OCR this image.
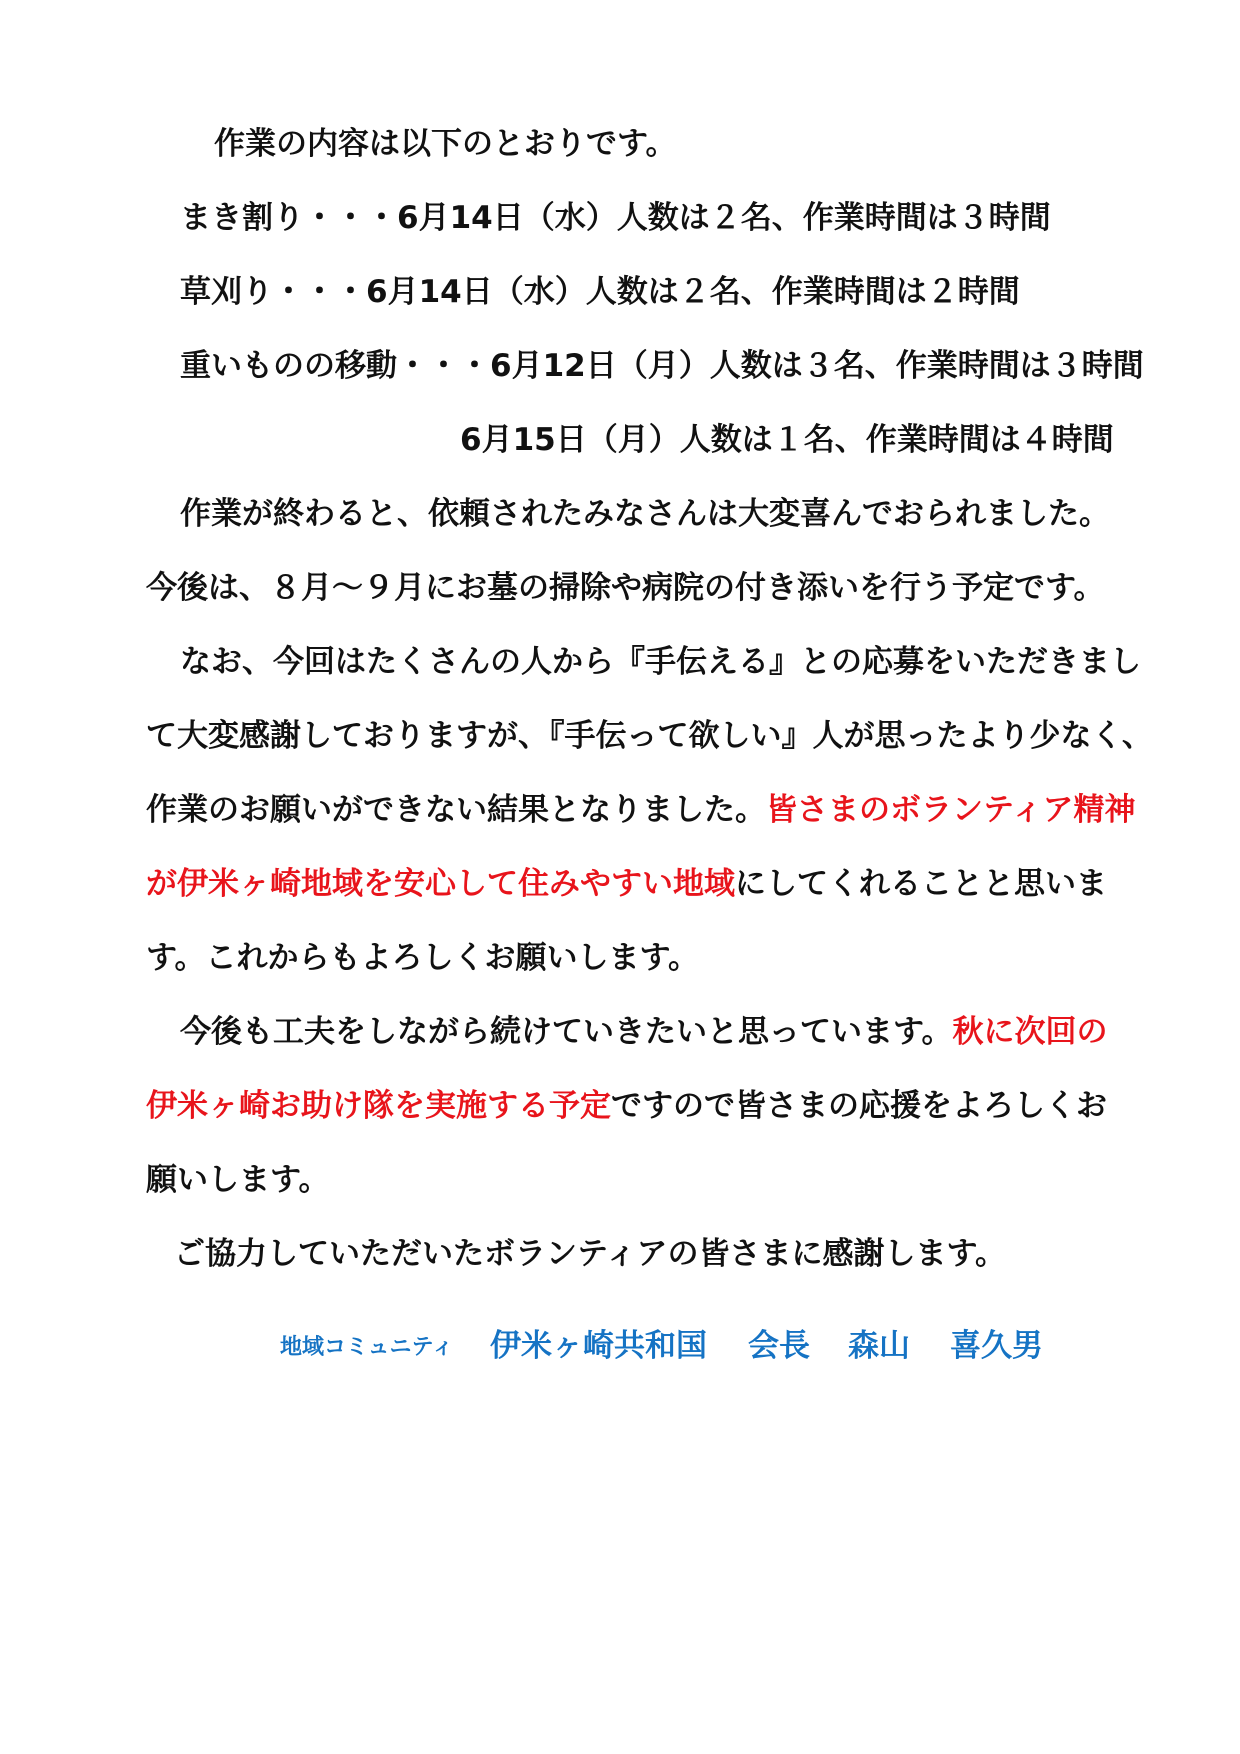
作業の内容は以下のとおりです。
まき割り・・・6月14日（水）人数は２名、作業時間は３時間
草刈り・・・6月14日（水）人数は２名、作業時間は２時間
重いものの移動・・・6月12日（月）人数は３名、作業時間は３時間
6月15日（月）人数は１名、作業時間は４時間
作業が終わると、依頼されたみなさんは大変喜んでおられました。
今後は、８月～９月にお墓の掃除や病院の付き添いを行う予定です。
なお、今回はたくさんの人から『手伝える』との応募をいただきまし
て大変感謝しておりますが、『手伝って欲しい』人が思ったより少なく、
作業のお願いができない結果となりました。皆さまのボランティア精神
が伊米ヶ崎地域を安心して住みやすい地域にしてくれることと思いま
す。これからもよろしくお願いします。
今後も工夫をしながら続けていきたいと思っています。秋に次回の
伊米ヶ崎お助け隊を実施する予定ですので皆さまの応援をよろしくお
願いします。
ご協力していただいたボランティアの皆さまに感謝します。
地域コミュニティ 伊米ヶ崎共和国 会長 森山 喜久男
